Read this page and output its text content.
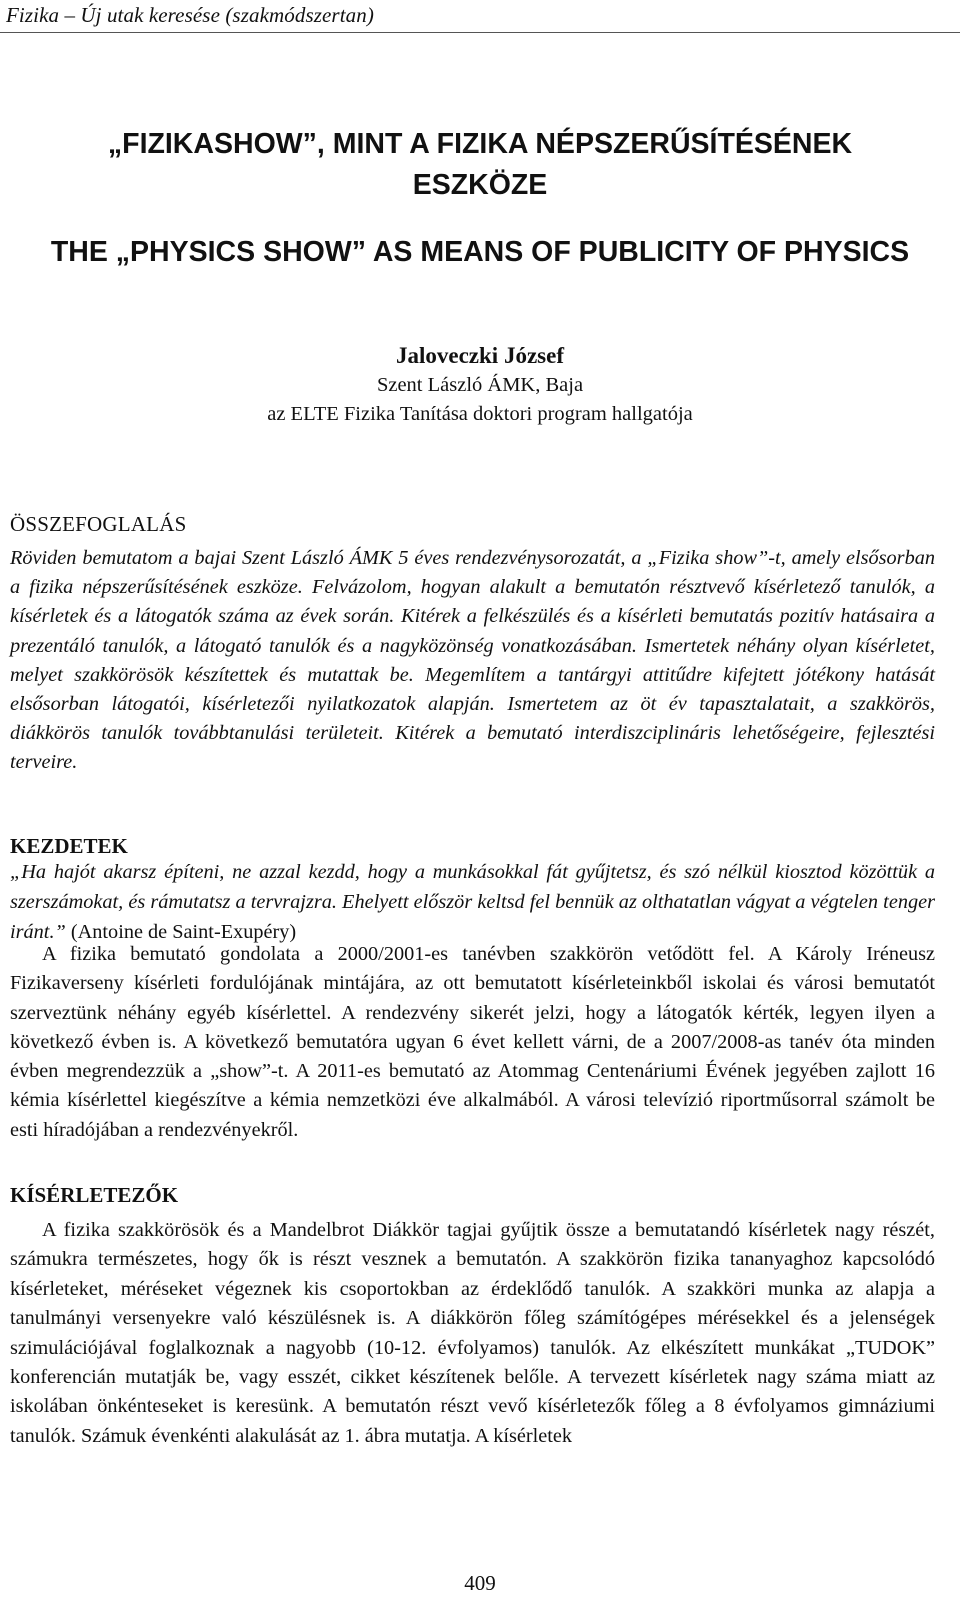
Fizika – Új utak keresése (szakmódszertan)
„FIZIKASHOW”, MINT A FIZIKA NÉPSZERŰSÍTÉSÉNEK ESZKÖZE
THE „PHYSICS SHOW” AS MEANS OF PUBLICITY OF PHYSICS
Jaloveczki József
Szent László ÁMK, Baja
az ELTE Fizika Tanítása doktori program hallgatója
ÖSSZEFOGLALÁS

Röviden bemutatom a bajai Szent László ÁMK 5 éves rendezvénysorozatát, a „Fizika show”-t, amely elsősorban a fizika népszerűsítésének eszköze. Felvázolom, hogyan alakult a bemutatón résztvevő kísérletező tanulók, a kísérletek és a látogatók száma az évek során. Kitérek a felkészülés és a kísérleti bemutatás pozitív hatásaira a prezentáló tanulók, a látogató tanulók és a nagyközönség vonatkozásában. Ismertetek néhány olyan kísérletet, melyet szakkörösök készítettek és mutattak be. Megemlítem a tantárgyi attitűdre kifejtett jótékony hatását elsősorban látogatói, kísérletezői nyilatkozatok alapján. Ismertetem az öt év tapasztalatait, a szakkörös, diákkörös tanulók továbbtanulási területeit. Kitérek a bemutató interdiszciplináris lehetőségeire, fejlesztési terveire.

KEZDETEK

„Ha hajót akarsz építeni, ne azzal kezdd, hogy a munkásokkal fát gyűjtetsz, és szó nélkül kiosztod közöttük a szerszámokat, és rámutatsz a tervrajzra. Ehelyett először keltsd fel bennük az olthatatlan vágyat a végtelen tenger iránt.” (Antoine de Saint-Exupéry)

A fizika bemutató gondolata a 2000/2001-es tanévben szakkörön vetődött fel. A Károly Iréneusz Fizikaverseny kísérleti fordulójának mintájára, az ott bemutatott kísérleteinkből iskolai és városi bemutatót szerveztünk néhány egyéb kísérlettel. A rendezvény sikerét jelzi, hogy a látogatók kérték, legyen ilyen a következő évben is. A következő bemutatóra ugyan 6 évet kellett várni, de a 2007/2008-as tanév óta minden évben megrendezzük a „show”-t. A 2011-es bemutató az Atommag Centenáriumi Évének jegyében zajlott 16 kémia kísérlettel kiegészítve a kémia nemzetközi éve alkalmából. A városi televízió riportműsorral számolt be esti híradójában a rendezvényekről.

KÍSÉRLETEZŐK

A fizika szakkörösök és a Mandelbrot Diákkör tagjai gyűjtik össze a bemutatandó kísérletek nagy részét, számukra természetes, hogy ők is részt vesznek a bemutatón. A szakkörön fizika tananyaghoz kapcsolódó kísérleteket, méréseket végeznek kis csoportokban az érdeklődő tanulók. A szakköri munka az alapja a tanulmányi versenyekre való készülésnek is. A diákkörön főleg számítógépes mérésekkel és a jelenségek szimulációjával foglalkoznak a nagyobb (10-12. évfolyamos) tanulók. Az elkészített munkákat „TUDOK” konferencián mutatják be, vagy esszét, cikket készítenek belőle. A tervezett kísérletek nagy száma miatt az iskolában önkénteseket is keresünk. A bemutatón részt vevő kísérletezők főleg a 8 évfolyamos gimnáziumi tanulók. Számuk évenkénti alakulását az 1. ábra mutatja. A kísérletek

409
